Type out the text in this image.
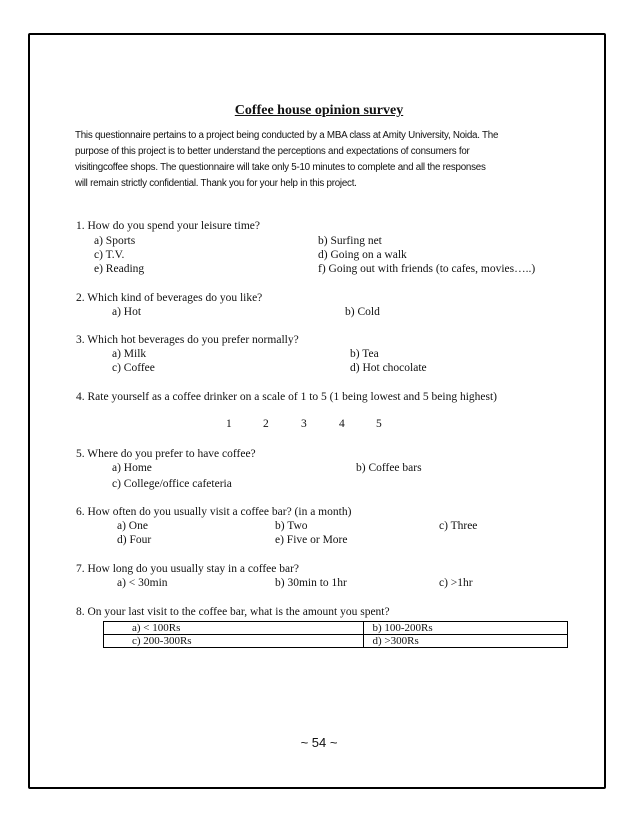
Coffee house opinion survey
This questionnaire pertains to a project being conducted by a MBA class at Amity University, Noida. The
purpose of this project is to better understand the perceptions and expectations of consumers for
visitingcoffee shops. The questionnaire will take only 5-10 minutes to complete and all the responses
will remain strictly confidential. Thank you for your help in this project.
1. How do you spend your leisure time?
a) Sports	b) Surfing net
c) T.V.	d) Going on a walk
e) Reading	f) Going out with friends (to cafes, movies…..)
2. Which kind of beverages do you like?
a) Hot	b) Cold
3. Which hot beverages do you prefer normally?
a) Milk	b) Tea
c) Coffee	d) Hot chocolate
4. Rate yourself as a coffee drinker on a scale of 1 to 5 (1 being lowest and 5 being highest)
1	2	3	4	5
5. Where do you prefer to have coffee?
a) Home	b) Coffee bars
c) College/office cafeteria
6. How often do you usually visit a coffee bar? (in a month)
a) One	b) Two	c) Three
d) Four	e) Five or More
7. How long do you usually stay in a coffee bar?
a) < 30min	b) 30min to 1hr	c) >1hr
8. On your last visit to the coffee bar, what is the amount you spent?
a) < 100Rs	b) 100-200Rs
c) 200-300Rs	d) >300Rs
~ 54 ~
